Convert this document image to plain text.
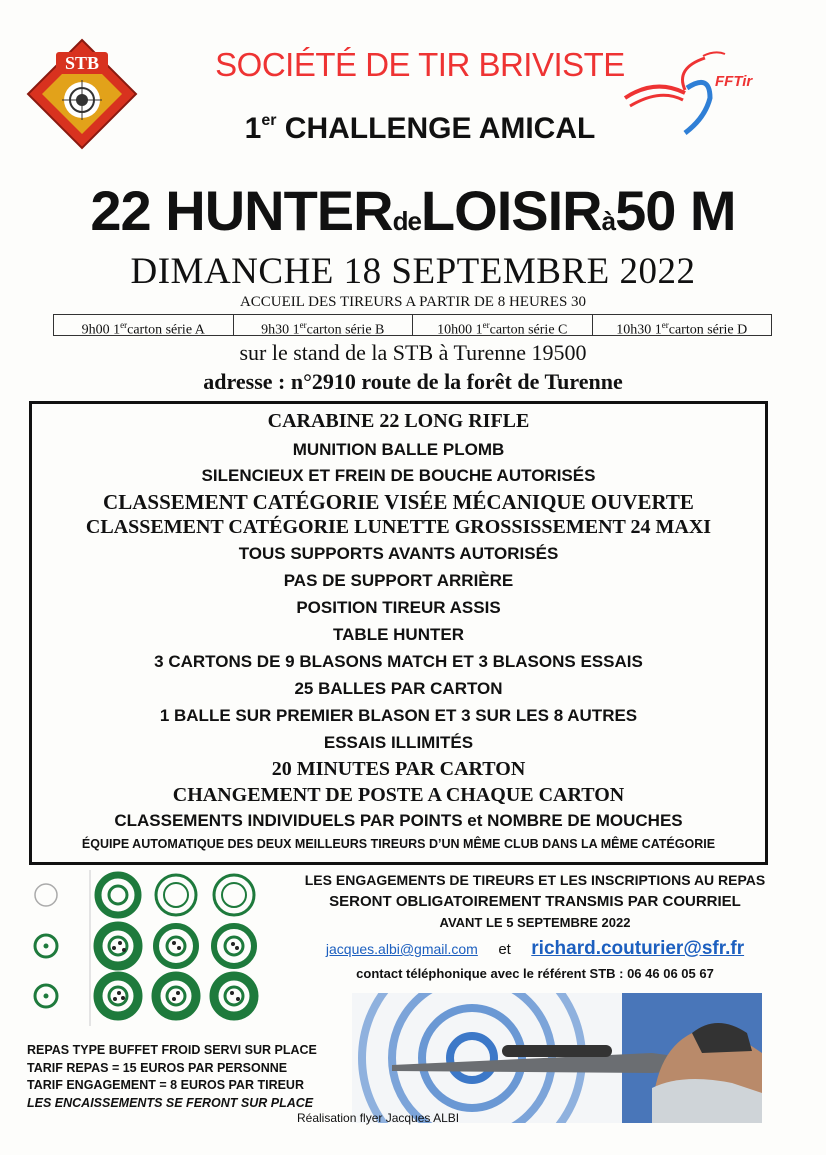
STB
FFTir
SOCIÉTÉ DE TIR BRIVISTE
1er CHALLENGE AMICAL
22 HUNTERdeLOISIRà50 M
DIMANCHE 18 SEPTEMBRE 2022
ACCUEIL DES TIREURS A PARTIR DE 8 HEURES 30
9h00 1ercarton série A	9h30 1ercarton série B	10h00 1ercarton série C	10h30 1ercarton série D
sur le stand de la STB à Turenne 19500
adresse : n°2910 route de la forêt de Turenne
CARABINE 22 LONG RIFLE
MUNITION BALLE PLOMB
SILENCIEUX ET FREIN DE BOUCHE AUTORISÉS
CLASSEMENT CATÉGORIE VISÉE MÉCANIQUE OUVERTE
CLASSEMENT CATÉGORIE LUNETTE GROSSISSEMENT 24 MAXI
TOUS SUPPORTS AVANTS AUTORISÉS
PAS DE SUPPORT ARRIÈRE
POSITION TIREUR ASSIS
TABLE HUNTER
3 CARTONS DE 9 BLASONS MATCH ET 3 BLASONS ESSAIS
25 BALLES PAR CARTON
1 BALLE SUR PREMIER BLASON ET 3 SUR LES 8 AUTRES
ESSAIS ILLIMITÉS
20 MINUTES PAR CARTON
CHANGEMENT DE POSTE A CHAQUE CARTON
CLASSEMENTS INDIVIDUELS PAR POINTS et NOMBRE DE MOUCHES
ÉQUIPE AUTOMATIQUE DES DEUX MEILLEURS TIREURS D’UN MÊME CLUB DANS LA MÊME CATÉGORIE
LES ENGAGEMENTS DE TIREURS ET LES INSCRIPTIONS AU REPAS
SERONT OBLIGATOIREMENT TRANSMIS PAR COURRIEL
AVANT LE 5 SEPTEMBRE 2022
jacques.albi@gmail.com et richard.couturier@sfr.fr
contact téléphonique avec le référent STB : 06 46 06 05 67
REPAS TYPE BUFFET FROID SERVI SUR PLACE
TARIF REPAS = 15 EUROS PAR PERSONNE
TARIF ENGAGEMENT = 8 EUROS PAR TIREUR
LES ENCAISSEMENTS SE FERONT SUR PLACE
Réalisation flyer Jacques ALBI
